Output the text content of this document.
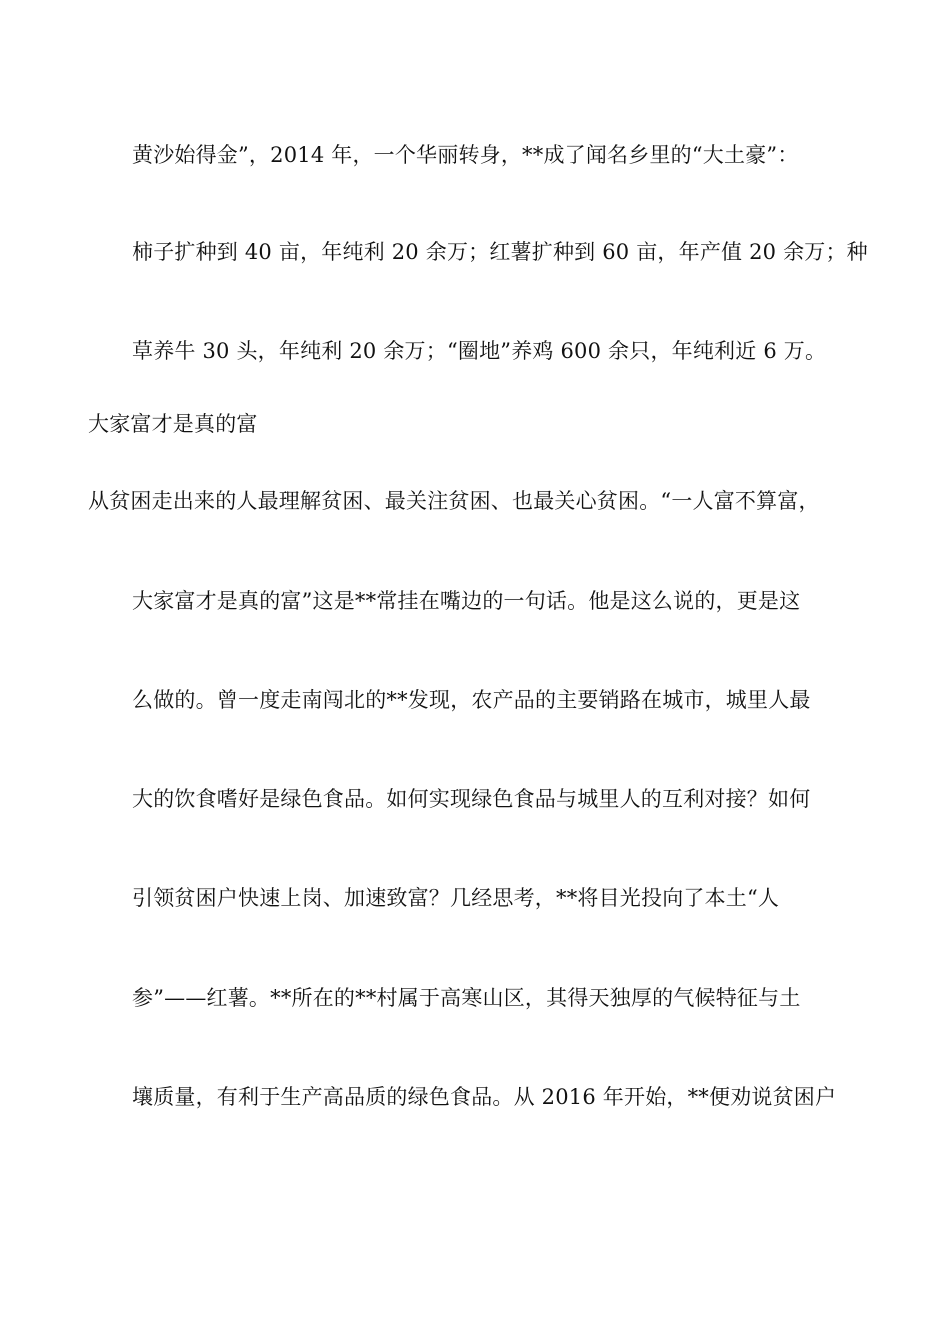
黄沙始得金”，2014 年，一个华丽转身，**成了闻名乡里的“大土豪”：
柿子扩种到 40 亩，年纯利 20 余万；红薯扩种到 60 亩，年产值 20 余万；种
草养牛 30 头，年纯利 20 余万；“圈地”养鸡 600 余只，年纯利近 6 万。
大家富才是真的富
从贫困走出来的人最理解贫困、最关注贫困、也最关心贫困。“一人富不算富，
大家富才是真的富”这是**常挂在嘴边的一句话。他是这么说的，更是这
么做的。曾一度走南闯北的**发现，农产品的主要销路在城市，城里人最
大的饮食嗜好是绿色食品。如何实现绿色食品与城里人的互利对接？如何
引领贫困户快速上岗、加速致富？几经思考，**将目光投向了本土“人
参”——红薯。**所在的**村属于高寒山区，其得天独厚的气候特征与土
壤质量，有利于生产高品质的绿色食品。从 2016 年开始，**便劝说贫困户
